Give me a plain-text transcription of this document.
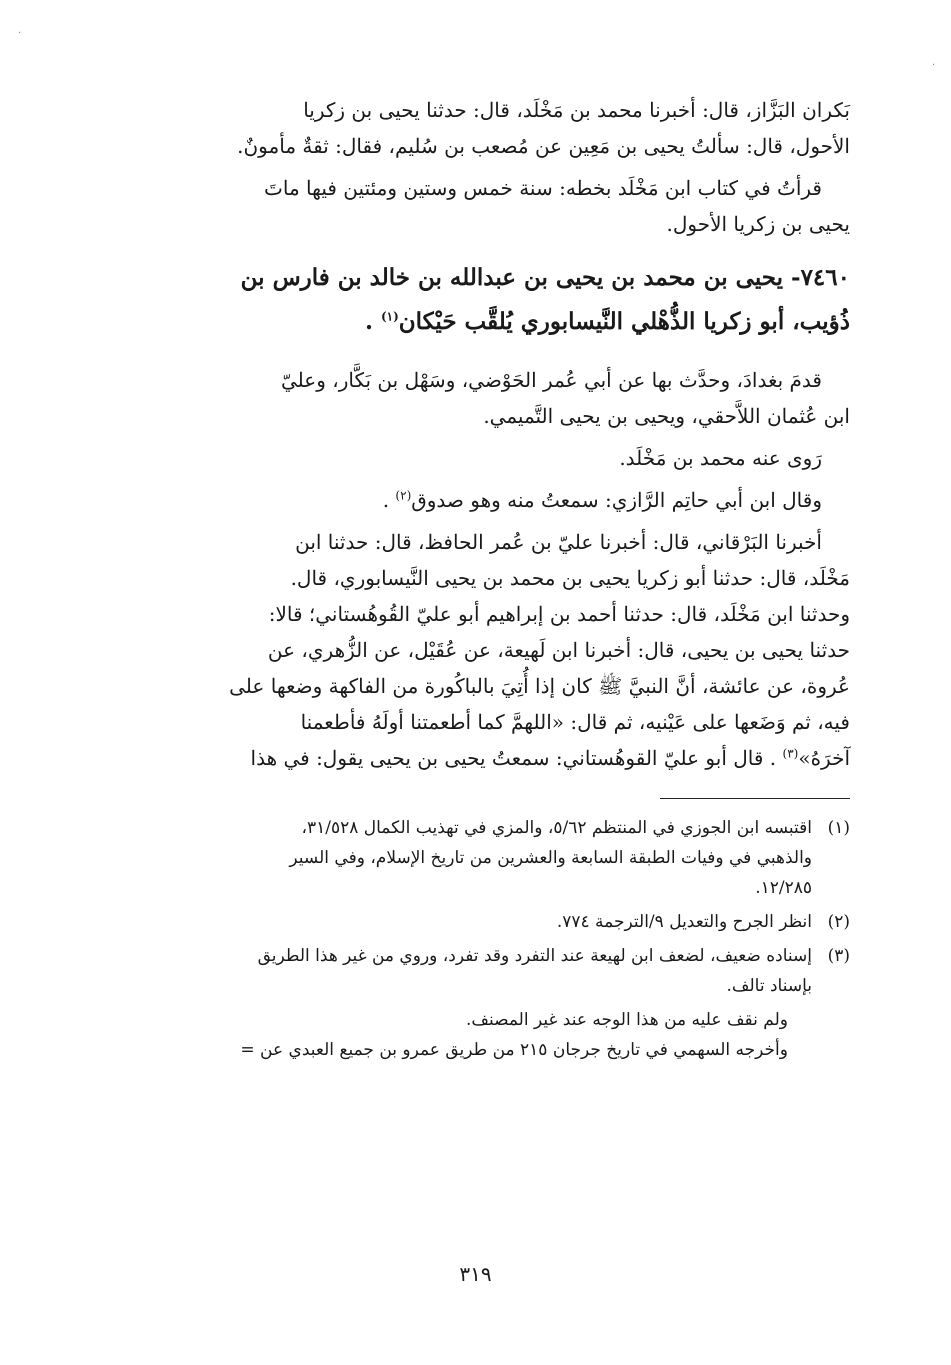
·
·

بَكران البَزَّاز، قال: أخبرنا محمد بن مَخْلَد، قال: حدثنا يحيى بن زكريا
الأحول، قال: سألتُ يحيى بن مَعِين عن مُصعب بن سُليم، فقال: ثقةٌ مأمونٌ.

قرأتُ في كتاب ابن مَخْلَد بخطه: سنة خمس وستين ومئتين فيها ماتَ
يحيى بن زكريا الأحول.

٧٤٦٠- يحيى بن محمد بن يحيى بن عبدالله بن خالد بن فارس بن
ذُؤيب، أبو زكريا الذُّهْلي النَّيسابوري يُلقَّب حَيْكان$^{(١)}$ .

قدمَ بغدادَ، وحدَّث بها عن أبي عُمر الحَوْضي، وسَهْل بن بَكَّار، وعليّ
ابن عُثمان اللاَّحقي، ويحيى بن يحيى التَّميمي.

رَوى عنه محمد بن مَخْلَد.

وقال ابن أبي حاتِم الرَّازي: سمعتُ منه وهو صدوق$^{(٢)}$ .

أخبرنا البَرْقاني، قال: أخبرنا عليّ بن عُمر الحافظ، قال: حدثنا ابن
مَخْلَد، قال: حدثنا أبو زكريا يحيى بن محمد بن يحيى النَّيسابوري، قال.
وحدثنا ابن مَخْلَد، قال: حدثنا أحمد بن إبراهيم أبو عليّ القُوهُستاني؛ قالا:
حدثنا يحيى بن يحيى، قال: أخبرنا ابن لَهيعة، عن عُقَيْل، عن الزُّهري، عن
عُروة، عن عائشة، أنَّ النبيَّ ﷺ كان إذا أُتِيَ بالباكُورة من الفاكهة وضعها على
فيه، ثم وَضَعها على عَيْنيه، ثم قال: «اللهمَّ كما أطعمتنا أولَهُ فأطعمنا
آخرَهُ»$^{(٣)}$ . قال أبو عليّ القوهُستاني: سمعتُ يحيى بن يحيى يقول: في هذا

(١)
اقتبسه ابن الجوزي في المنتظم ٥/٦٢، والمزي في تهذيب الكمال ٣١/٥٢٨،
والذهبي في وفيات الطبقة السابعة والعشرين من تاريخ الإسلام، وفي السير
١٢/٢٨٥.
(٢)
انظر الجرح والتعديل ٩/الترجمة ٧٧٤.
(٣)
إسناده ضعيف، لضعف ابن لهيعة عند التفرد وقد تفرد، وروي من غير هذا الطريق
بإسناد تالف.
ولم نقف عليه من هذا الوجه عند غير المصنف.
وأخرجه السهمي في تاريخ جرجان ٢١٥ من طريق عمرو بن جميع العبدي عن =
٣١٩
